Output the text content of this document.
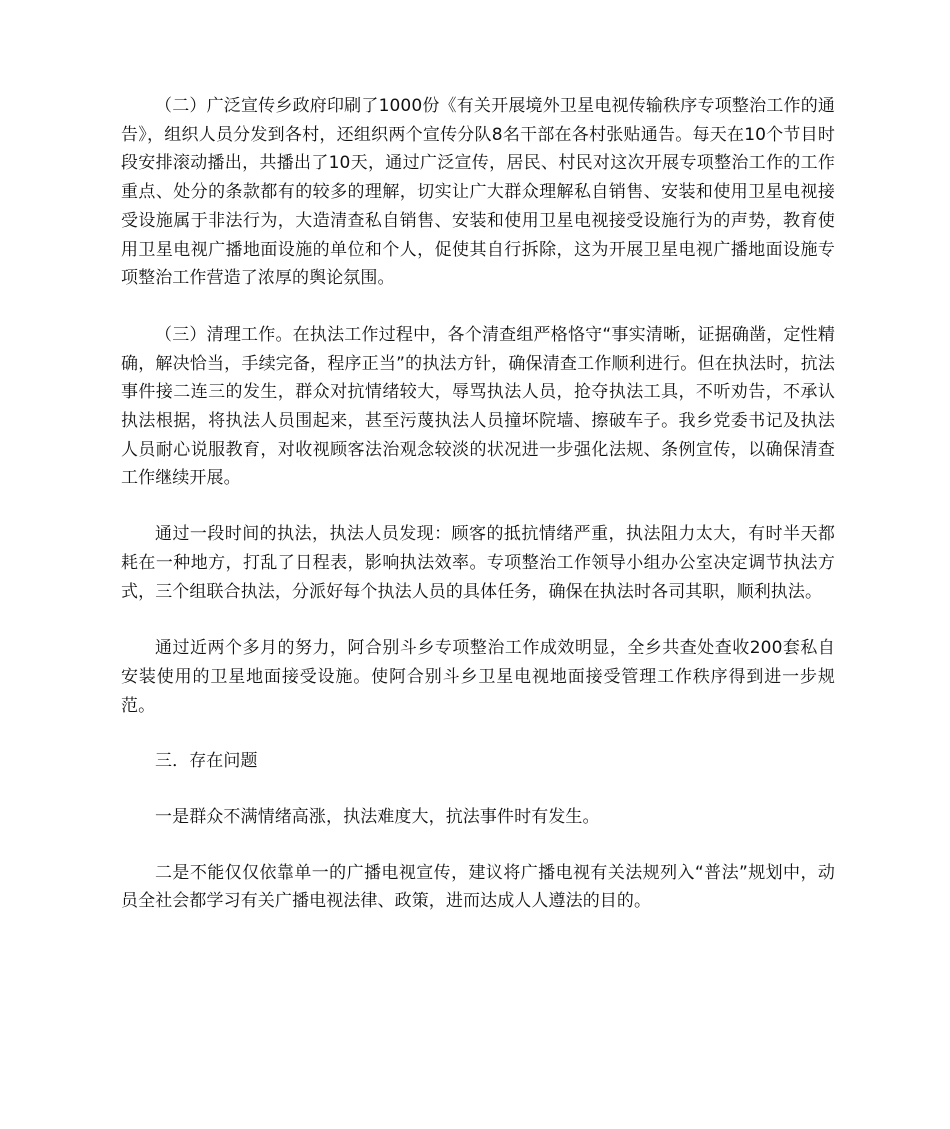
（二）广泛宣传乡政府印刷了1000份《有关开展境外卫星电视传输秩序专项整治工作的通告》，组织人员分发到各村，还组织两个宣传分队8名干部在各村张贴通告。每天在10个节目时段安排滚动播出，共播出了10天，通过广泛宣传，居民、村民对这次开展专项整治工作的工作重点、处分的条款都有的较多的理解，切实让广大群众理解私自销售、安装和使用卫星电视接受设施属于非法行为，大造清查私自销售、安装和使用卫星电视接受设施行为的声势，教育使用卫星电视广播地面设施的单位和个人，促使其自行拆除，这为开展卫星电视广播地面设施专项整治工作营造了浓厚的舆论氛围。

（三）清理工作。在执法工作过程中，各个清查组严格恪守“事实清晰，证据确凿，定性精确，解决恰当，手续完备，程序正当”的执法方针，确保清查工作顺利进行。但在执法时，抗法事件接二连三的发生，群众对抗情绪较大，辱骂执法人员，抢夺执法工具，不听劝告，不承认执法根据，将执法人员围起来，甚至污蔑执法人员撞坏院墙、擦破车子。我乡党委书记及执法人员耐心说服教育，对收视顾客法治观念较淡的状况进一步强化法规、条例宣传，以确保清查工作继续开展。

通过一段时间的执法，执法人员发现：顾客的抵抗情绪严重，执法阻力太大，有时半天都耗在一种地方，打乱了日程表，影响执法效率。专项整治工作领导小组办公室决定调节执法方式，三个组联合执法，分派好每个执法人员的具体任务，确保在执法时各司其职，顺利执法。

通过近两个多月的努力，阿合别斗乡专项整治工作成效明显，全乡共查处查收200套私自安装使用的卫星地面接受设施。使阿合别斗乡卫星电视地面接受管理工作秩序得到进一步规范。

三．存在问题

一是群众不满情绪高涨，执法难度大，抗法事件时有发生。

二是不能仅仅依靠单一的广播电视宣传，建议将广播电视有关法规列入“普法”规划中，动员全社会都学习有关广播电视法律、政策，进而达成人人遵法的目的。
